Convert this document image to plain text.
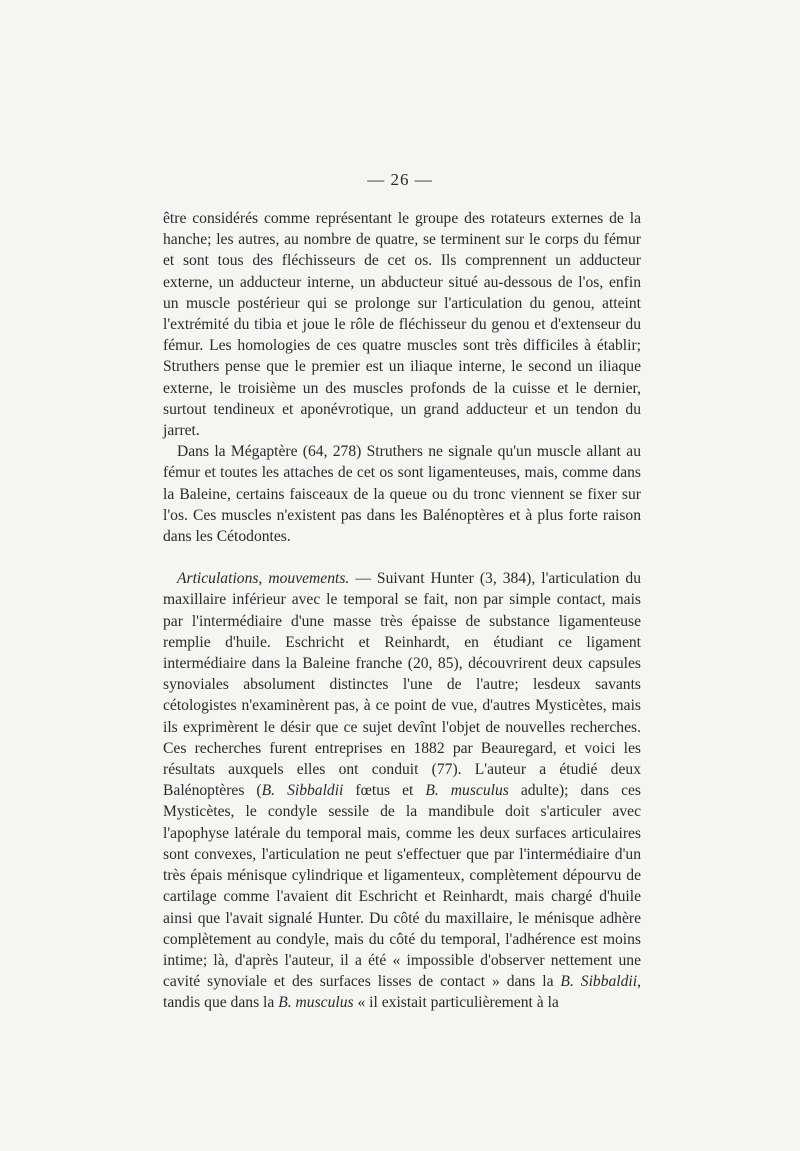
— 26 —

être considérés comme représentant le groupe des rotateurs externes de la hanche; les autres, au nombre de quatre, se terminent sur le corps du fémur et sont tous des fléchisseurs de cet os. Ils comprennent un adducteur externe, un adducteur interne, un abducteur situé au-dessous de l'os, enfin un muscle postérieur qui se prolonge sur l'articulation du genou, atteint l'extrémité du tibia et joue le rôle de fléchisseur du genou et d'extenseur du fémur. Les homologies de ces quatre muscles sont très difficiles à établir; Struthers pense que le premier est un iliaque interne, le second un iliaque externe, le troisième un des muscles profonds de la cuisse et le dernier, surtout tendineux et aponévrotique, un grand adducteur et un tendon du jarret.

Dans la Mégaptère (64, 278) Struthers ne signale qu'un muscle allant au fémur et toutes les attaches de cet os sont ligamenteuses, mais, comme dans la Baleine, certains faisceaux de la queue ou du tronc viennent se fixer sur l'os. Ces muscles n'existent pas dans les Balénoptères et à plus forte raison dans les Cétodontes.

Articulations, mouvements. — Suivant Hunter (3, 384), l'articulation du maxillaire inférieur avec le temporal se fait, non par simple contact, mais par l'intermédiaire d'une masse très épaisse de substance ligamenteuse remplie d'huile. Eschricht et Reinhardt, en étudiant ce ligament intermédiaire dans la Baleine franche (20, 85), découvrirent deux capsules synoviales absolument distinctes l'une de l'autre; lesdeux savants cétologistes n'examinèrent pas, à ce point de vue, d'autres Mysticètes, mais ils exprimèrent le désir que ce sujet devînt l'objet de nouvelles recherches. Ces recherches furent entreprises en 1882 par Beauregard, et voici les résultats auxquels elles ont conduit (77). L'auteur a étudié deux Balénoptères (B. Sibbaldii fœtus et B. musculus adulte); dans ces Mysticètes, le condyle sessile de la mandibule doit s'articuler avec l'apophyse latérale du temporal mais, comme les deux surfaces articulaires sont convexes, l'articulation ne peut s'effectuer que par l'intermédiaire d'un très épais ménisque cylindrique et ligamenteux, complètement dépourvu de cartilage comme l'avaient dit Eschricht et Reinhardt, mais chargé d'huile ainsi que l'avait signalé Hunter. Du côté du maxillaire, le ménisque adhère complètement au condyle, mais du côté du temporal, l'adhérence est moins intime; là, d'après l'auteur, il a été « impossible d'observer nettement une cavité synoviale et des surfaces lisses de contact » dans la B. Sibbaldii, tandis que dans la B. musculus « il existait particulièrement à la
